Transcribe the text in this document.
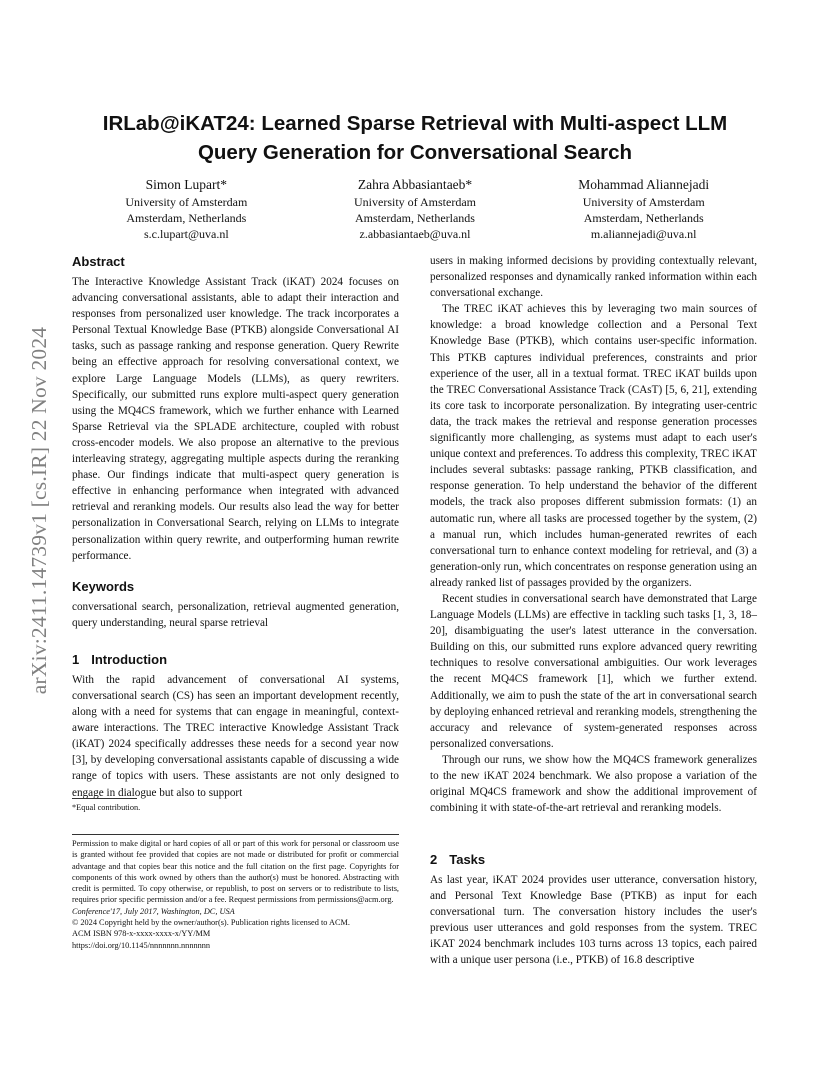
arXiv:2411.14739v1 [cs.IR] 22 Nov 2024
IRLab@iKAT24: Learned Sparse Retrieval with Multi-aspect LLM Query Generation for Conversational Search
Simon Lupart*
University of Amsterdam
Amsterdam, Netherlands
s.c.lupart@uva.nl
Zahra Abbasiantaeb*
University of Amsterdam
Amsterdam, Netherlands
z.abbasiantaeb@uva.nl
Mohammad Aliannejadi
University of Amsterdam
Amsterdam, Netherlands
m.aliannejadi@uva.nl
Abstract

The Interactive Knowledge Assistant Track (iKAT) 2024 focuses on advancing conversational assistants, able to adapt their interaction and responses from personalized user knowledge. The track incorporates a Personal Textual Knowledge Base (PTKB) alongside Conversational AI tasks, such as passage ranking and response generation. Query Rewrite being an effective approach for resolving conversational context, we explore Large Language Models (LLMs), as query rewriters. Specifically, our submitted runs explore multi-aspect query generation using the MQ4CS framework, which we further enhance with Learned Sparse Retrieval via the SPLADE architecture, coupled with robust cross-encoder models. We also propose an alternative to the previous interleaving strategy, aggregating multiple aspects during the reranking phase. Our findings indicate that multi-aspect query generation is effective in enhancing performance when integrated with advanced retrieval and reranking models. Our results also lead the way for better personalization in Conversational Search, relying on LLMs to integrate personalization within query rewrite, and outperforming human rewrite performance.

Keywords

conversational search, personalization, retrieval augmented generation, query understanding, neural sparse retrieval

1 Introduction

With the rapid advancement of conversational AI systems, conversational search (CS) has seen an important development recently, along with a need for systems that can engage in meaningful, context-aware interactions. The TREC interactive Knowledge Assistant Track (iKAT) 2024 specifically addresses these needs for a second year now [3], by developing conversational assistants capable of discussing a wide range of topics with users. These assistants are not only designed to engage in dialogue but also to support

*Equal contribution.

Permission to make digital or hard copies of all or part of this work for personal or classroom use is granted without fee provided that copies are not made or distributed for profit or commercial advantage and that copies bear this notice and the full citation on the first page. Copyrights for components of this work owned by others than the author(s) must be honored. Abstracting with credit is permitted. To copy otherwise, or republish, to post on servers or to redistribute to lists, requires prior specific permission and/or a fee. Request permissions from permissions@acm.org.

Conference'17, July 2017, Washington, DC, USA
© 2024 Copyright held by the owner/author(s). Publication rights licensed to ACM.
ACM ISBN 978-x-xxxx-xxxx-x/YY/MM
https://doi.org/10.1145/nnnnnnn.nnnnnnn

users in making informed decisions by providing contextually relevant, personalized responses and dynamically ranked information within each conversational exchange.

The TREC iKAT achieves this by leveraging two main sources of knowledge: a broad knowledge collection and a Personal Text Knowledge Base (PTKB), which contains user-specific information. This PTKB captures individual preferences, constraints and prior experience of the user, all in a textual format. TREC iKAT builds upon the TREC Conversational Assistance Track (CAsT) [5, 6, 21], extending its core task to incorporate personalization. By integrating user-centric data, the track makes the retrieval and response generation processes significantly more challenging, as systems must adapt to each user's unique context and preferences. To address this complexity, TREC iKAT includes several subtasks: passage ranking, PTKB classification, and response generation. To help understand the behavior of the different models, the track also proposes different submission formats: (1) an automatic run, where all tasks are processed together by the system, (2) a manual run, which includes human-generated rewrites of each conversational turn to enhance context modeling for retrieval, and (3) a generation-only run, which concentrates on response generation using an already ranked list of passages provided by the organizers.

Recent studies in conversational search have demonstrated that Large Language Models (LLMs) are effective in tackling such tasks [1, 3, 18–20], disambiguating the user's latest utterance in the conversation. Building on this, our submitted runs explore advanced query rewriting techniques to resolve conversational ambiguities. Our work leverages the recent MQ4CS framework [1], which we further extend. Additionally, we aim to push the state of the art in conversational search by deploying enhanced retrieval and reranking models, strengthening the accuracy and relevance of system-generated responses across personalized conversations.

Through our runs, we show how the MQ4CS framework generalizes to the new iKAT 2024 benchmark. We also propose a variation of the original MQ4CS framework and show the additional improvement of combining it with state-of-the-art retrieval and reranking models.

2 Tasks

As last year, iKAT 2024 provides user utterance, conversation history, and Personal Text Knowledge Base (PTKB) as input for each conversational turn. The conversation history includes the user's previous user utterances and gold responses from the system. TREC iKAT 2024 benchmark includes 103 turns across 13 topics, each paired with a unique user persona (i.e., PTKB) of 16.8 descriptive
